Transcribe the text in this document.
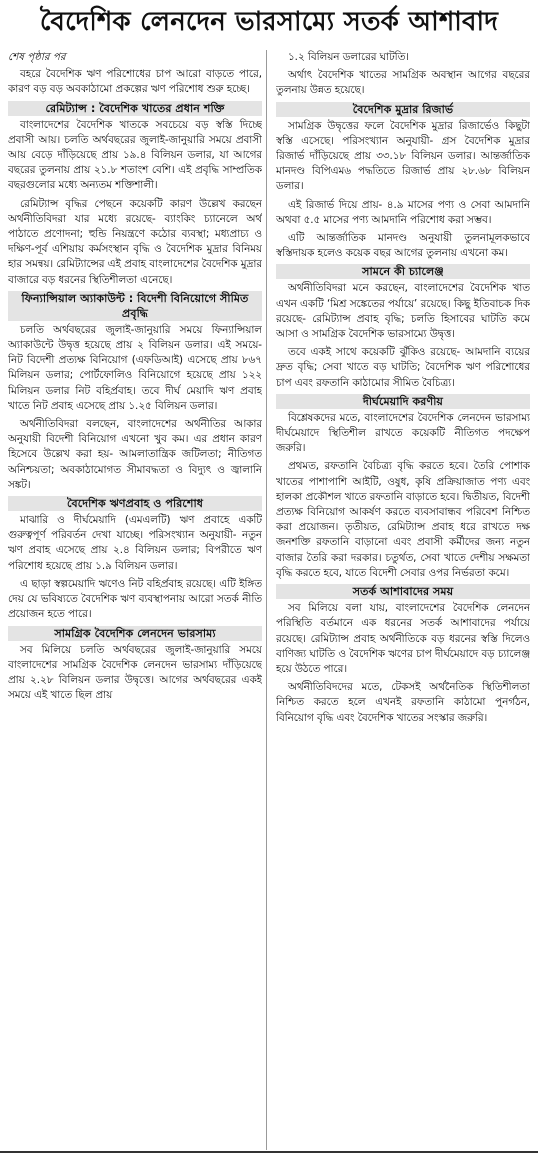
বৈদেশিক লেনদেন ভারসাম্যে সতর্ক আশাবাদ

শেষ পৃষ্ঠার পর

বহরে বৈদেশিক ঋণ পরিশোধের চাপ আরো বাড়তে পারে, কারণ বড় বড় অবকাঠামো প্রকল্পের ঋণ পরিশোধ শুরু হচ্ছে।

রেমিট্যান্স : বৈদেশিক খাতের প্রধান শক্তি

বাংলাদেশের বৈদেশিক খাতকে সবচেয়ে বড় স্বস্তি দিচ্ছে প্রবাসী আয়। চলতি অর্থবছরের জুলাই-জানুয়ারি সময়ে প্রবাসী আয় বেড়ে দাঁড়িয়েছে প্রায় ১৯.৪ বিলিয়ন ডলার, যা আগের বছরের তুলনায় প্রায় ২১.৮ শতাংশ বেশি। এই প্রবৃদ্ধি সাম্প্রতিক বছরগুলোর মধ্যে অন্যতম শক্তিশালী।

রেমিট্যান্স বৃদ্ধির পেছনে কয়েকটি কারণ উল্লেখ করছেন অর্থনীতিবিদরা যার মধ্যে রয়েছে- ব্যাংকিং চ্যানেলে অর্থ পাঠাতে প্রণোদনা; হুন্ডি নিয়ন্ত্রণে কঠোর ব্যবস্থা; মধ্যপ্রাচ্য ও দক্ষিণ-পূর্ব এশিয়ায় কর্মসংস্থান বৃদ্ধি ও বৈদেশিক মুদ্রার বিনিময় হার সমন্বয়। রেমিট্যান্সের এই প্রবাহ বাংলাদেশের বৈদেশিক মুদ্রার বাজারে বড় ধরনের স্থিতিশীলতা এনেছে।

ফিন্যান্সিয়াল অ্যাকাউন্ট : বিদেশী বিনিয়োগে সীমিত প্রবৃদ্ধি

চলতি অর্থবছরের জুলাই-জানুয়ারি সময়ে ফিন্যান্সিয়াল অ্যাকাউন্টে উদ্বৃত্ত হয়েছে প্রায় ২ বিলিয়ন ডলার। এই সময়ে- নিট বিদেশী প্রত্যক্ষ বিনিয়োগ (এফডিআই) এসেছে প্রায় ৮৬৭ মিলিয়ন ডলার; পোর্টফোলিও বিনিয়োগে হয়েছে প্রায় ১২২ মিলিয়ন ডলার নিট বহির্প্রবাহ। তবে দীর্ঘ মেয়াদি ঋণ প্রবাহ খাতে নিট প্রবাহ এসেছে প্রায় ১.২৫ বিলিয়ন ডলার।

অর্থনীতিবিদরা বলছেন, বাংলাদেশের অর্থনীতির আকার অনুযায়ী বিদেশী বিনিয়োগ এখনো খুব কম। এর প্রধান কারণ হিসেবে উল্লেখ করা হয়- আমলাতান্ত্রিক জটিলতা; নীতিগত অনিশ্চয়তা; অবকাঠামোগত সীমাবদ্ধতা ও বিদ্যুৎ ও জ্বালানি সঙ্কট।

বৈদেশিক ঋণপ্রবাহ ও পরিশোধ

মাঝারি ও দীর্ঘমেয়াদি (এমএলটি) ঋণ প্রবাহে একটি গুরুত্বপূর্ণ পরিবর্তন দেখা যাচ্ছে। পরিসংখ্যান অনুযায়ী- নতুন ঋণ প্রবাহ এসেছে প্রায় ২.৪ বিলিয়ন ডলার; বিপরীতে ঋণ পরিশোধ হয়েছে প্রায় ১.৯ বিলিয়ন ডলার।

এ ছাড়া স্বল্পমেয়াদি ঋণেও নিট বহির্প্রবাহ রয়েছে। এটি ইঙ্গিত দেয় যে ভবিষ্যতে বৈদেশিক ঋণ ব্যবস্থাপনায় আরো সতর্ক নীতি প্রয়োজন হতে পারে।

সামগ্রিক বৈদেশিক লেনদেন ভারসাম্য

সব মিলিয়ে চলতি অর্থবছরের জুলাই-জানুয়ারি সময়ে বাংলাদেশের সামগ্রিক বৈদেশিক লেনদেন ভারসাম্য দাঁড়িয়েছে প্রায় ২.২৮ বিলিয়ন ডলার উদ্বৃত্তে। আগের অর্থবছরের একই সময়ে এই খাতে ছিল প্রায়

১.২ বিলিয়ন ডলারের ঘাটতি।

অর্থাৎ বৈদেশিক খাতের সামগ্রিক অবস্থান আগের বছরের তুলনায় উন্নত হয়েছে।

বৈদেশিক মুদ্রার রিজার্ভ

সামগ্রিক উদ্বৃত্তের ফলে বৈদেশিক মুদ্রার রিজার্ভেও কিছুটা স্বস্তি এসেছে। পরিসংখ্যান অনুযায়ী- গ্রস বৈদেশিক মুদ্রার রিজার্ভ দাঁড়িয়েছে প্রায় ৩৩.১৮ বিলিয়ন ডলার। আন্তর্জাতিক মানদণ্ড বিপিএম৬ পদ্ধতিতে রিজার্ভ প্রায় ২৮.৬৮ বিলিয়ন ডলার।

এই রিজার্ভ দিয়ে প্রায়- ৪.৯ মাসের পণ্য ও সেবা আমদানি অথবা ৫.৫ মাসের পণ্য আমদানি পরিশোধ করা সম্ভব।

এটি আন্তর্জাতিক মানদণ্ড অনুযায়ী তুলনামূলকভাবে স্বস্তিদায়ক হলেও কয়েক বছর আগের তুলনায় এখনো কম।

সামনে কী চ্যালেঞ্জ

অর্থনীতিবিদরা মনে করছেন, বাংলাদেশের বৈদেশিক খাত এখন একটি ‘মিশ্র সঙ্কেতের পর্যায়ে’ রয়েছে। কিছু ইতিবাচক দিক রয়েছে- রেমিট্যান্স প্রবাহ বৃদ্ধি; চলতি হিসাবের ঘাটতি কমে আসা ও সামগ্রিক বৈদেশিক ভারসাম্যে উদ্বৃত্ত।

তবে একই সাথে কয়েকটি ঝুঁকিও রয়েছে- আমদানি ব্যয়ের দ্রুত বৃদ্ধি; সেবা খাতে বড় ঘাটতি; বৈদেশিক ঋণ পরিশোধের চাপ এবং রফতানি কাঠামোর সীমিত বৈচিত্র্য।

দীর্ঘমেয়াদি করণীয়

বিশ্লেষকদের মতে, বাংলাদেশের বৈদেশিক লেনদেন ভারসাম্য দীর্ঘমেয়াদে স্থিতিশীল রাখতে কয়েকটি নীতিগত পদক্ষেপ জরুরি।

প্রথমত, রফতানি বৈচিত্র্য বৃদ্ধি করতে হবে। তৈরি পোশাক খাতের পাশাপাশি আইটি, ওষুধ, কৃষি প্রক্রিয়াজাত পণ্য এবং হালকা প্রকৌশল খাতে রফতানি বাড়াতে হবে। দ্বিতীয়ত, বিদেশী প্রত্যক্ষ বিনিয়োগ আকর্ষণ করতে ব্যবসাবান্ধব পরিবেশ নিশ্চিত করা প্রয়োজন। তৃতীয়ত, রেমিট্যান্স প্রবাহ ধরে রাখতে দক্ষ জনশক্তি রফতানি বাড়ানো এবং প্রবাসী কর্মীদের জন্য নতুন বাজার তৈরি করা দরকার। চতুর্থত, সেবা খাতে দেশীয় সক্ষমতা বৃদ্ধি করতে হবে, যাতে বিদেশী সেবার ওপর নির্ভরতা কমে।

সতর্ক আশাবাদের সময়

সব মিলিয়ে বলা যায়, বাংলাদেশের বৈদেশিক লেনদেন পরিস্থিতি বর্তমানে এক ধরনের সতর্ক আশাবাদের পর্যায়ে রয়েছে। রেমিট্যান্স প্রবাহ অর্থনীতিকে বড় ধরনের স্বস্তি দিলেও বাণিজ্য ঘাটতি ও বৈদেশিক ঋণের চাপ দীর্ঘমেয়াদে বড় চ্যালেঞ্জ হয়ে উঠতে পারে।

অর্থনীতিবিদদের মতে, টেকসই অর্থনৈতিক স্থিতিশীলতা নিশ্চিত করতে হলে এখনই রফতানি কাঠামো পুনর্গঠন, বিনিয়োগ বৃদ্ধি এবং বৈদেশিক খাতের সংস্কার জরুরি।
